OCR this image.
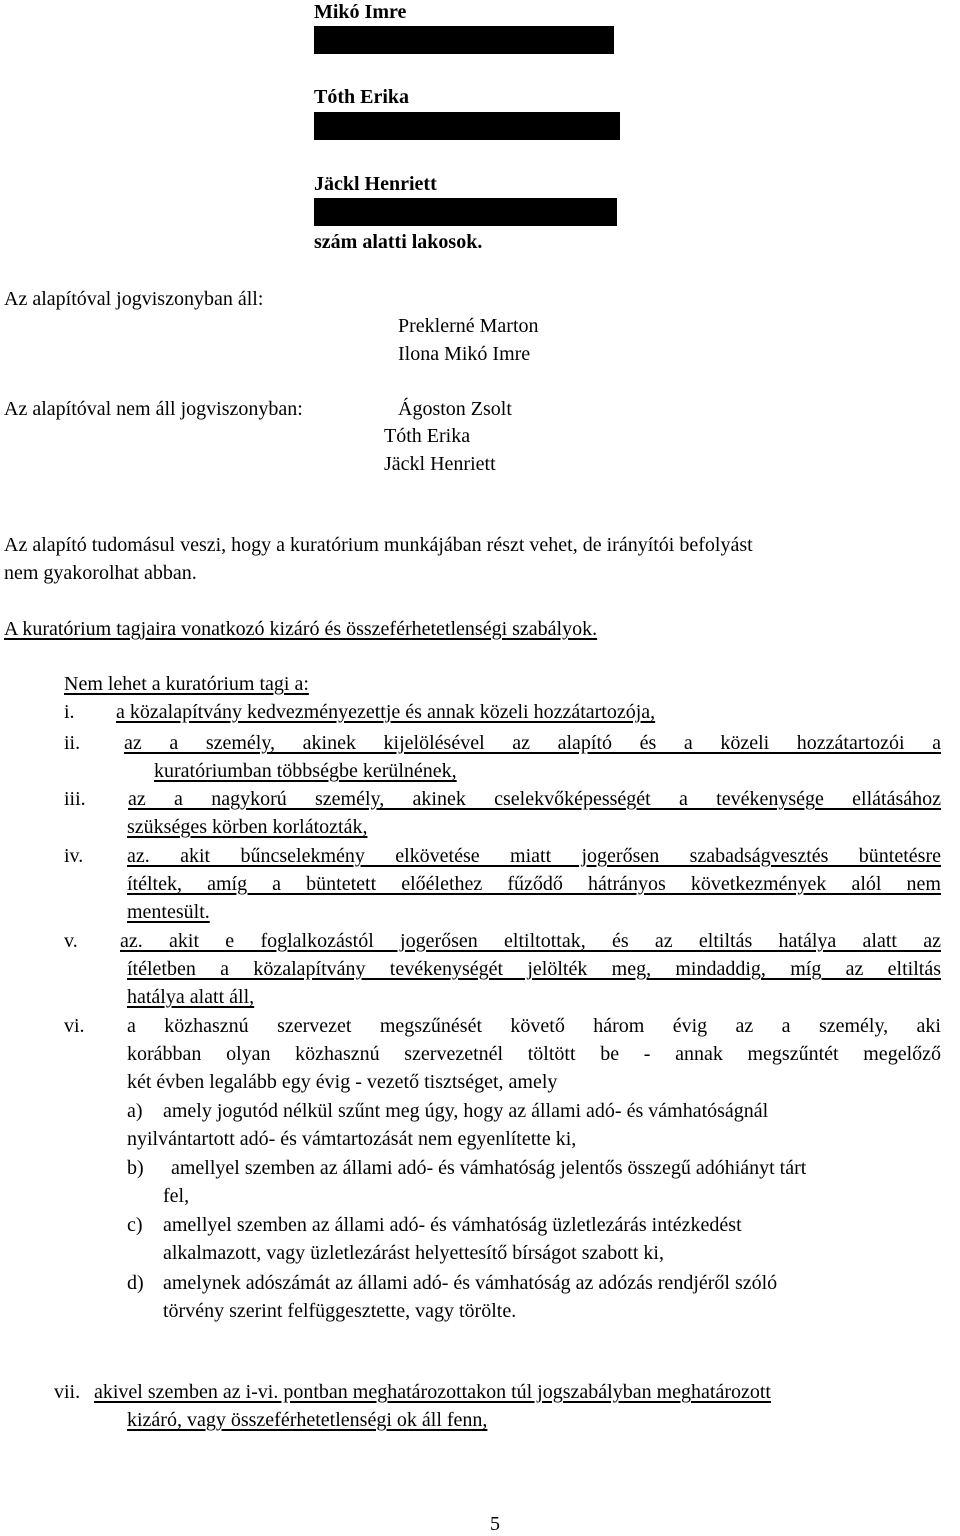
Mikó Imre
Tóth Erika
Jäckl Henriett
szám alatti lakosok.
Az alapítóval jogviszonyban áll:
Preklerné Marton
Ilona Mikó Imre
Az alapítóval nem áll jogviszonyban:	Ágoston Zsolt
Tóth Erika
Jäckl Henriett
Az alapító tudomásul veszi, hogy a kuratórium munkájában részt vehet, de irányítói befolyást
nem gyakorolhat abban.
A kuratórium tagjaira vonatkozó kizáró és összeférhetetlenségi szabályok.
Nem lehet a kuratórium tagi a:
i. a közalapítvány kedvezményezettje és annak közeli hozzátartozója,
ii. az a személy, akinek kijelölésével az alapító és a közeli hozzátartozói a
kuratóriumban többségbe kerülnének,
iii. az a nagykorú személy, akinek cselekvőképességét a tevékenysége ellátásához
szükséges körben korlátozták,
iv. az. akit bűncselekmény elkövetése miatt jogerősen szabadságvesztés büntetésre
ítéltek, amíg a büntetett előélethez fűződő hátrányos következmények alól nem
mentesült.
v. az. akit e foglalkozástól jogerősen eltiltottak, és az eltiltás hatálya alatt az
ítéletben a közalapítvány tevékenységét jelölték meg, mindaddig, míg az eltiltás
hatálya alatt áll,
vi. a közhasznú szervezet megszűnését követő három évig az a személy, aki
korábban olyan közhasznú szervezetnél töltött be - annak megszűntét megelőző
két évben legalább egy évig - vezető tisztséget, amely
a) amely jogutód nélkül szűnt meg úgy, hogy az állami adó- és vámhatóságnál
nyilvántartott adó- és vámtartozását nem egyenlítette ki,
b) amellyel szemben az állami adó- és vámhatóság jelentős összegű adóhiányt tárt
fel,
c) amellyel szemben az állami adó- és vámhatóság üzletlezárás intézkedést
alkalmazott, vagy üzletlezárást helyettesítő bírságot szabott ki,
d) amelynek adószámát az állami adó- és vámhatóság az adózás rendjéről szóló
törvény szerint felfüggesztette, vagy törölte.
vii. akivel szemben az i-vi. pontban meghatározottakon túl jogszabályban meghatározott
kizáró, vagy összeférhetetlenségi ok áll fenn,
5
